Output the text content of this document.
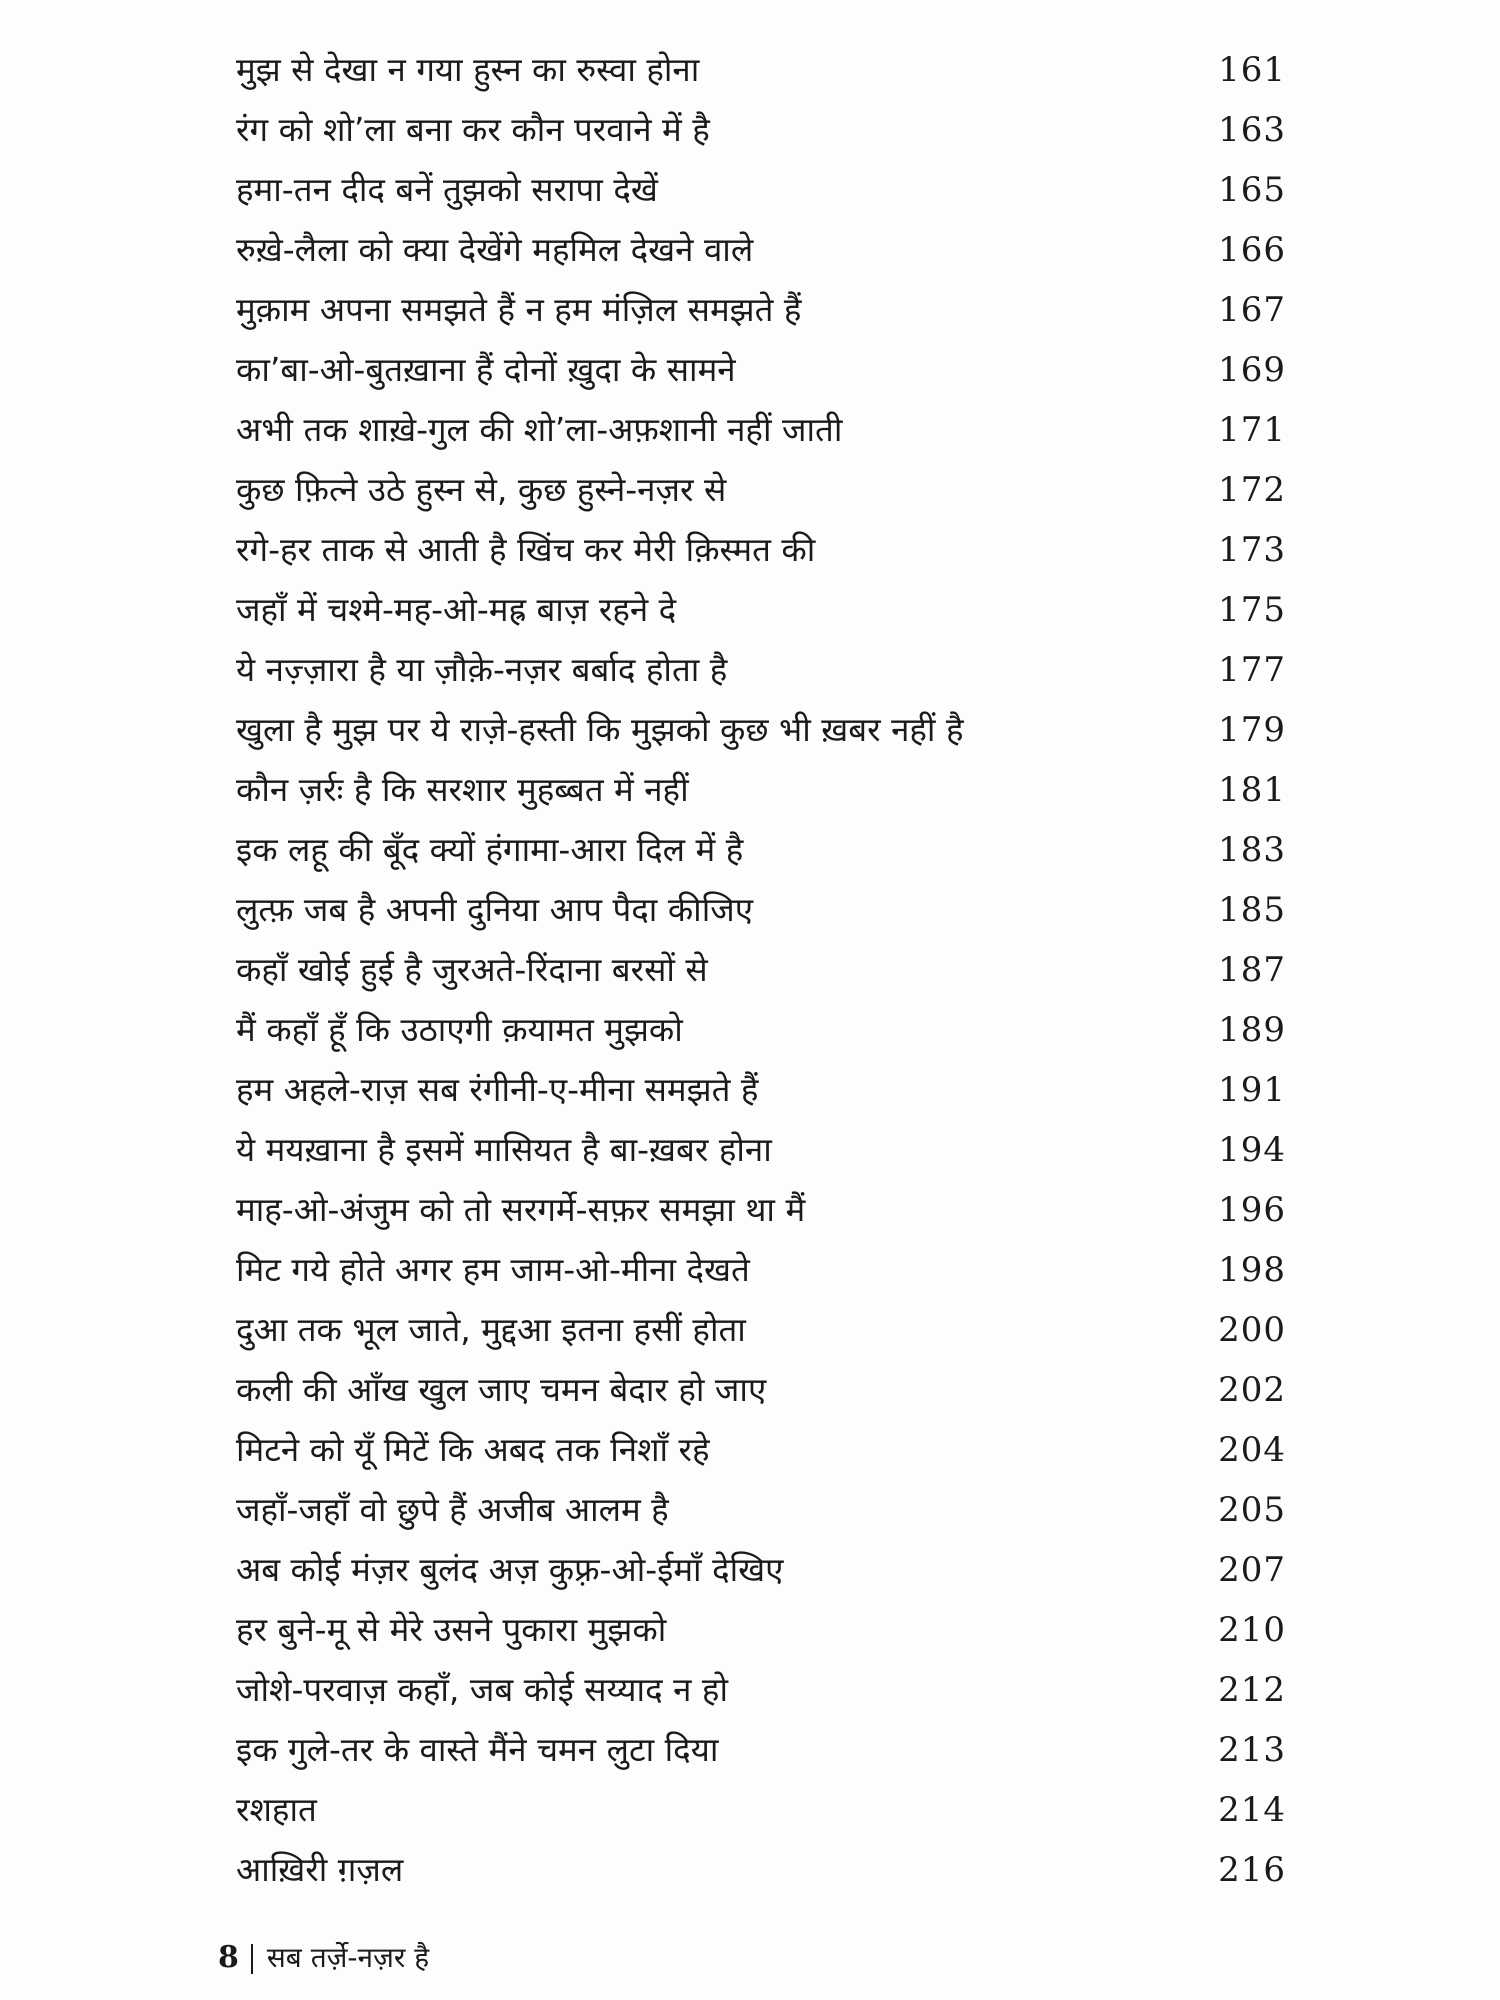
मुझ से देखा न गया हुस्न का रुस्वा होना	161
रंग को शो’ला बना कर कौन परवाने में है	163
हमा-तन दीद बनें तुझको सरापा देखें	165
रुख़े-लैला को क्या देखेंगे महमिल देखने वाले	166
मुक़ाम अपना समझते हैं न हम मंज़िल समझते हैं	167
का’बा-ओ-बुतख़ाना हैं दोनों ख़ुदा के सामने	169
अभी तक शाख़े-गुल की शो’ला-अफ़शानी नहीं जाती	171
कुछ फ़ित्ने उठे हुस्न से, कुछ हुस्ने-नज़र से	172
रगे-हर ताक से आती है खिंच कर मेरी क़िस्मत की	173
जहाँ में चश्मे-मह-ओ-मह्र बाज़ रहने दे	175
ये नज़्ज़ारा है या ज़ौक़े-नज़र बर्बाद होता है	177
खुला है मुझ पर ये राज़े-हस्ती कि मुझको कुछ भी ख़बर नहीं है	179
कौन ज़र्रः है कि सरशार मुहब्बत में नहीं	181
इक लहू की बूँद क्यों हंगामा-आरा दिल में है	183
लुत्फ़ जब है अपनी दुनिया आप पैदा कीजिए	185
कहाँ खोई हुई है जुरअते-रिंदाना बरसों से	187
मैं कहाँ हूँ कि उठाएगी क़यामत मुझको	189
हम अहले-राज़ सब रंगीनी-ए-मीना समझते हैं	191
ये मयख़ाना है इसमें मासियत है बा-ख़बर होना	194
माह-ओ-अंजुम को तो सरगर्मे-सफ़र समझा था मैं	196
मिट गये होते अगर हम जाम-ओ-मीना देखते	198
दुआ तक भूल जाते, मुद्दआ इतना हसीं होता	200
कली की आँख खुल जाए चमन बेदार हो जाए	202
मिटने को यूँ मिटें कि अबद तक निशाँ रहे	204
जहाँ-जहाँ वो छुपे हैं अजीब आलम है	205
अब कोई मंज़र बुलंद अज़ कुफ़्र-ओ-ईमाँ देखिए	207
हर बुने-मू से मेरे उसने पुकारा मुझको	210
जोशे-परवाज़ कहाँ, जब कोई सय्याद न हो	212
इक गुले-तर के वास्ते मैंने चमन लुटा दिया	213
रशहात	214
आख़िरी ग़ज़ल	216
8 सब तर्ज़े-नज़र है
